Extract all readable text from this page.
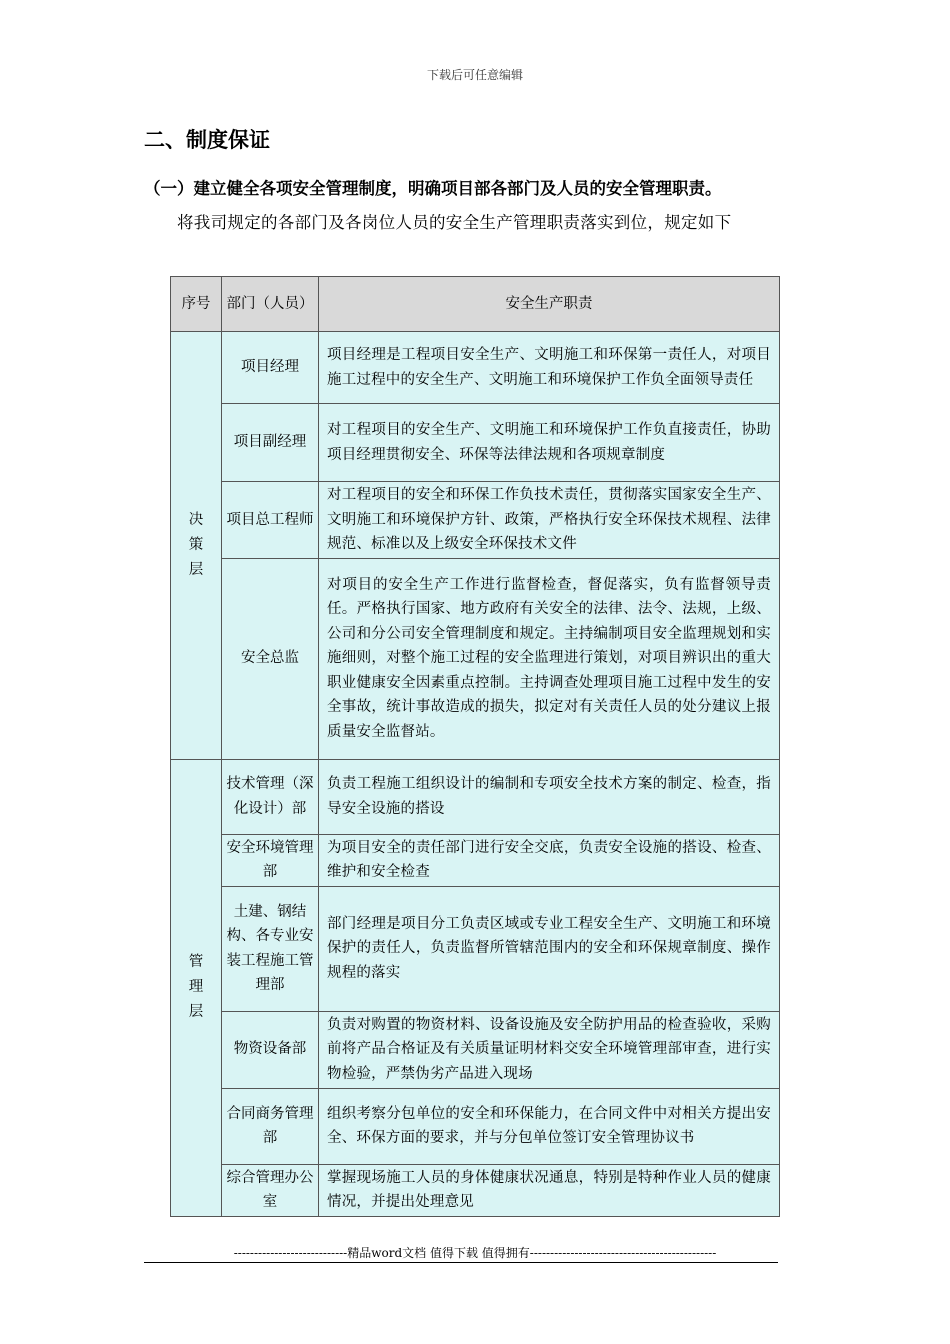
下载后可任意编辑
二、制度保证
（一）建立健全各项安全管理制度，明确项目部各部门及人员的安全管理职责。
将我司规定的各部门及各岗位人员的安全生产管理职责落实到位，规定如下
序号	部门（人员）	安全生产职责
决策层	项目经理	项目经理是工程项目安全生产、文明施工和环保第一责任人，对项目施工过程中的安全生产、文明施工和环境保护工作负全面领导责任
	项目副经理	对工程项目的安全生产、文明施工和环境保护工作负直接责任，协助项目经理贯彻安全、环保等法律法规和各项规章制度
	项目总工程师	对工程项目的安全和环保工作负技术责任，贯彻落实国家安全生产、文明施工和环境保护方针、政策，严格执行安全环保技术规程、法律规范、标准以及上级安全环保技术文件
	安全总监	对项目的安全生产工作进行监督检查，督促落实，负有监督领导责任。严格执行国家、地方政府有关安全的法律、法令、法规，上级、公司和分公司安全管理制度和规定。主持编制项目安全监理规划和实施细则，对整个施工过程的安全监理进行策划，对项目辨识出的重大职业健康安全因素重点控制。主持调查处理项目施工过程中发生的安全事故，统计事故造成的损失，拟定对有关责任人员的处分建议上报质量安全监督站。
管理层	技术管理（深化设计）部	负责工程施工组织设计的编制和专项安全技术方案的制定、检查，指导安全设施的搭设
	安全环境管理部	为项目安全的责任部门进行安全交底，负责安全设施的搭设、检查、维护和安全检查
	土建、钢结构、各专业安装工程施工管理部	部门经理是项目分工负责区域或专业工程安全生产、文明施工和环境保护的责任人，负责监督所管辖范围内的安全和环保规章制度、操作规程的落实
	物资设备部	负责对购置的物资材料、设备设施及安全防护用品的检查验收，采购前将产品合格证及有关质量证明材料交安全环境管理部审查，进行实物检验，严禁伪劣产品进入现场
	合同商务管理部	组织考察分包单位的安全和环保能力，在合同文件中对相关方提出安全、环保方面的要求，并与分包单位签订安全管理协议书
	综合管理办公室	掌握现场施工人员的身体健康状况通息，特别是特种作业人员的健康情况，并提出处理意见
----------------------------精品word文档 值得下载 值得拥有----------------------------------------------
